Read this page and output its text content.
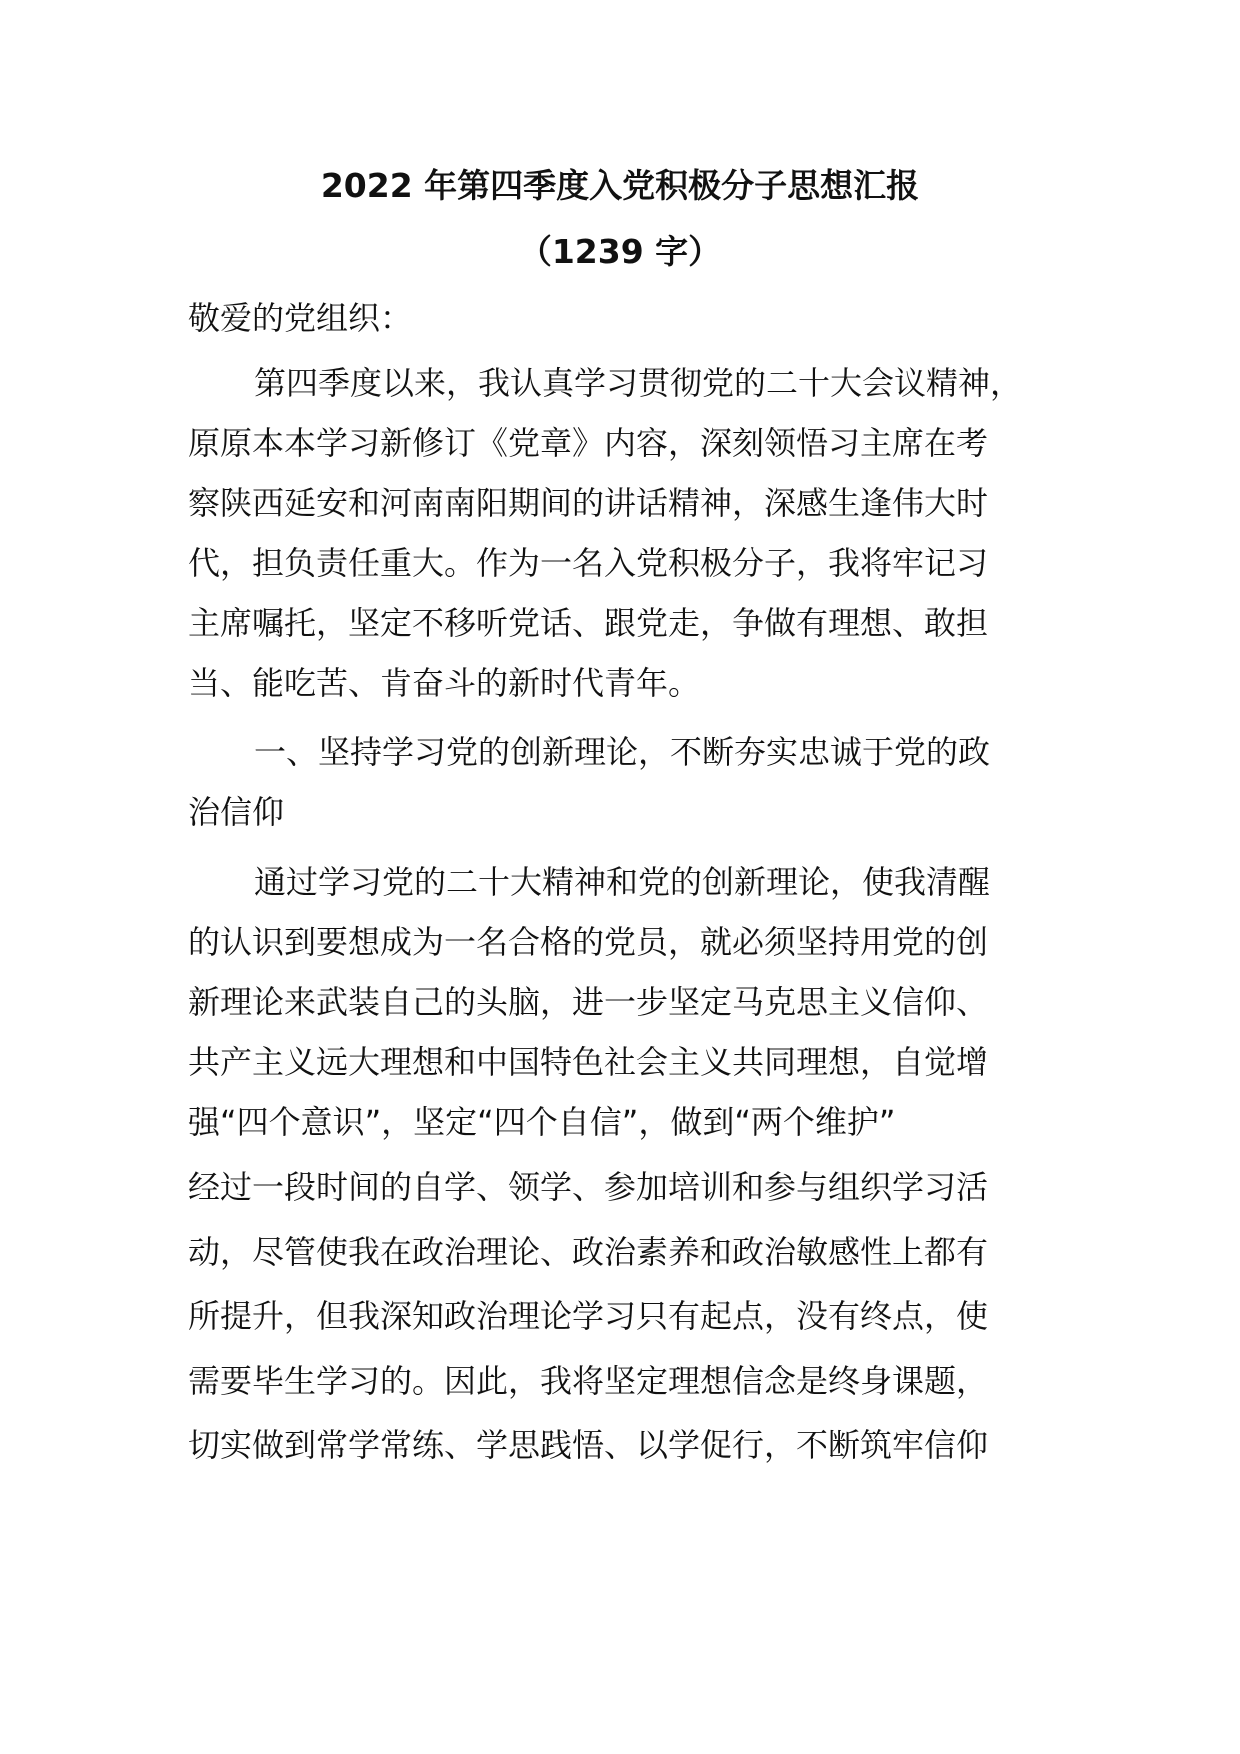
2022 年第四季度入党积极分子思想汇报
（1239 字）
敬爱的党组织：
第四季度以来，我认真学习贯彻党的二十大会议精神，
原原本本学习新修订《党章》内容，深刻领悟习主席在考
察陕西延安和河南南阳期间的讲话精神，深感生逢伟大时
代，担负责任重大。作为一名入党积极分子，我将牢记习
主席嘱托，坚定不移听党话、跟党走，争做有理想、敢担
当、能吃苦、肯奋斗的新时代青年。
一、坚持学习党的创新理论，不断夯实忠诚于党的政
治信仰
通过学习党的二十大精神和党的创新理论，使我清醒
的认识到要想成为一名合格的党员，就必须坚持用党的创
新理论来武装自己的头脑，进一步坚定马克思主义信仰、
共产主义远大理想和中国特色社会主义共同理想，自觉增
强“四个意识”，坚定“四个自信”，做到“两个维护”
经过一段时间的自学、领学、参加培训和参与组织学习活
动，尽管使我在政治理论、政治素养和政治敏感性上都有
所提升，但我深知政治理论学习只有起点，没有终点，使
需要毕生学习的。因此，我将坚定理想信念是终身课题，
切实做到常学常练、学思践悟、以学促行，不断筑牢信仰
